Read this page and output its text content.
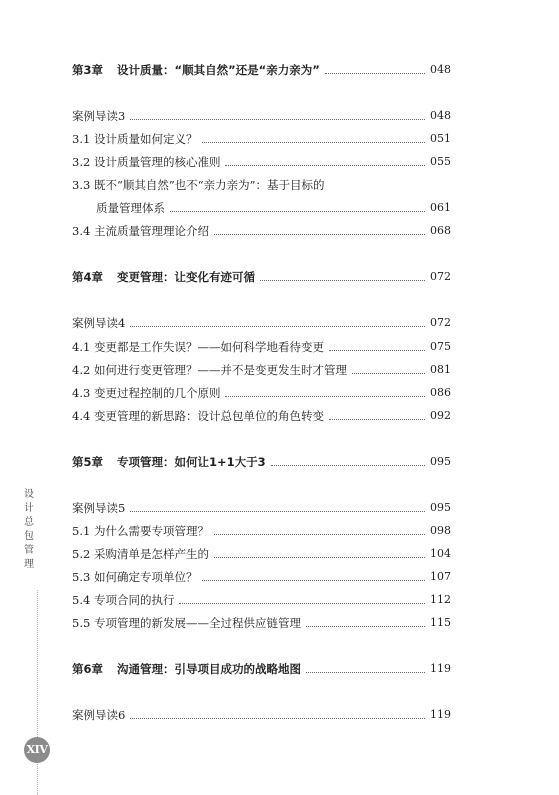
设
计
总
包
管
理
XIV
第3章 设计质量：“顺其自然”还是“亲力亲为”	048
案例导读3	048
3.1 设计质量如何定义？	051
3.2 设计质量管理的核心准则	055
3.3 既不“顺其自然”也不“亲力亲为”：基于目标的
质量管理体系	061
3.4 主流质量管理理论介绍	068
第4章 变更管理：让变化有迹可循	072
案例导读4	072
4.1 变更都是工作失误？——如何科学地看待变更	075
4.2 如何进行变更管理？——并不是变更发生时才管理	081
4.3 变更过程控制的几个原则	086
4.4 变更管理的新思路：设计总包单位的角色转变	092
第5章 专项管理：如何让1+1大于3	095
案例导读5	095
5.1 为什么需要专项管理？	098
5.2 采购清单是怎样产生的	104
5.3 如何确定专项单位？	107
5.4 专项合同的执行	112
5.5 专项管理的新发展——全过程供应链管理	115
第6章 沟通管理：引导项目成功的战略地图	119
案例导读6	119
